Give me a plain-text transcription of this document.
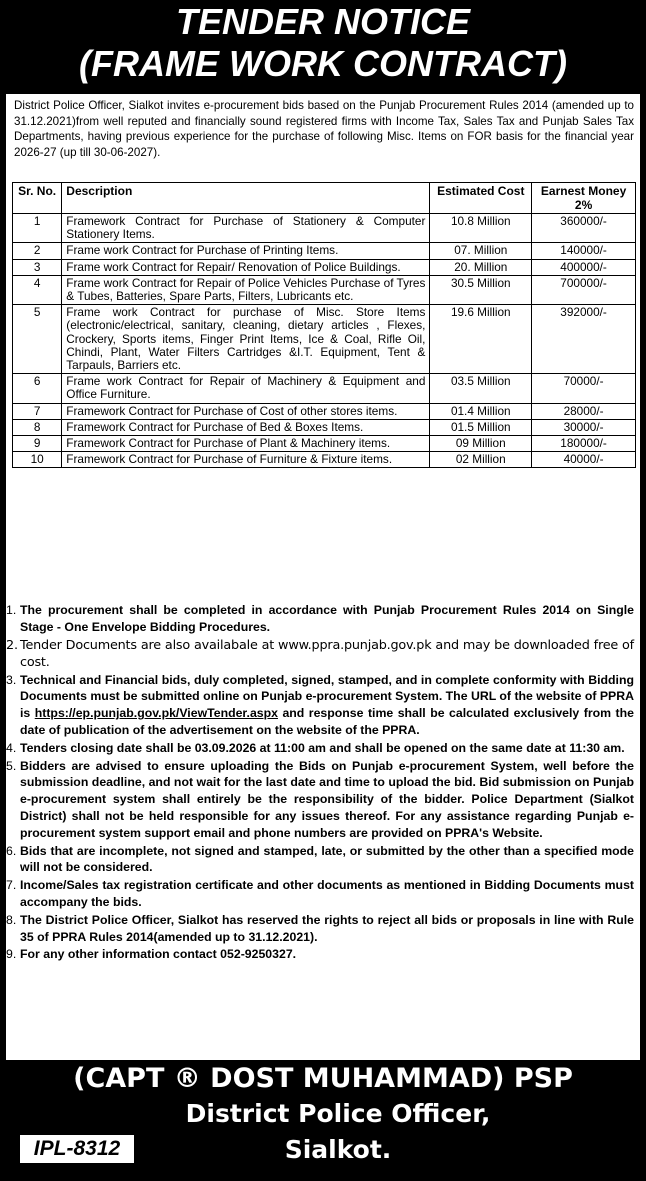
TENDER NOTICE
(FRAME WORK CONTRACT)
District Police Officer, Sialkot invites e-procurement bids based on the Punjab Procurement Rules 2014 (amended up to 31.12.2021)from well reputed and financially sound registered firms with Income Tax, Sales Tax and Punjab Sales Tax Departments, having previous experience for the purchase of following Misc. Items on FOR basis for the financial year 2026-27 (up till 30-06-2027).
Sr. No.	Description	Estimated Cost	Earnest Money 2%
1	Framework Contract for Purchase of Stationery & Computer Stationery Items.	10.8 Million	360000/-
2	Frame work Contract for Purchase of Printing Items.	07. Million	140000/-
3	Frame work Contract for Repair/ Renovation of Police Buildings.	20. Million	400000/-
4	Frame work Contract for Repair of Police Vehicles Purchase of Tyres & Tubes, Batteries, Spare Parts, Filters, Lubricants etc.	30.5 Million	700000/-
5	Frame work Contract for purchase of Misc. Store Items (electronic/electrical, sanitary, cleaning, dietary articles , Flexes, Crockery, Sports items, Finger Print Items, Ice & Coal, Rifle Oil, Chindi, Plant, Water Filters Cartridges &I.T. Equipment, Tent & Tarpauls, Barriers etc.	19.6 Million	392000/-
6	Frame work Contract for Repair of Machinery & Equipment and Office Furniture.	03.5 Million	70000/-
7	Framework Contract for Purchase of Cost of other stores items.	01.4 Million	28000/-
8	Framework Contract for Purchase of Bed & Boxes Items.	01.5 Million	30000/-
9	Framework Contract for Purchase of Plant & Machinery items.	09 Million	180000/-
10	Framework Contract for Purchase of Furniture & Fixture items.	02 Million	40000/-
1. The procurement shall be completed in accordance with Punjab Procurement Rules 2014 on Single Stage - One Envelope Bidding Procedures.
2. Tender Documents are also availabale at www.ppra.punjab.gov.pk and may be downloaded free of cost.
3. Technical and Financial bids, duly completed, signed, stamped, and in complete conformity with Bidding Documents must be submitted online on Punjab e-procurement System. The URL of the website of PPRA is https://ep.punjab.gov.pk/ViewTender.aspx and response time shall be calculated exclusively from the date of publication of the advertisement on the website of the PPRA.
4. Tenders closing date shall be 03.09.2026 at 11:00 am and shall be opened on the same date at 11:30 am.
5. Bidders are advised to ensure uploading the Bids on Punjab e-procurement System, well before the submission deadline, and not wait for the last date and time to upload the bid. Bid submission on Punjab e-procurement system shall entirely be the responsibility of the bidder. Police Department (Sialkot District) shall not be held responsible for any issues thereof. For any assistance regarding Punjab e-procurement system support email and phone numbers are provided on PPRA's Website.
6. Bids that are incomplete, not signed and stamped, late, or submitted by the other than a specified mode will not be considered.
7. Income/Sales tax registration certificate and other documents as mentioned in Bidding Documents must accompany the bids.
8. The District Police Officer, Sialkot has reserved the rights to reject all bids or proposals in line with Rule 35 of PPRA Rules 2014(amended up to 31.12.2021).
9. For any other information contact 052-9250327.
(CAPT ® DOST MUHAMMAD) PSP
District Police Officer,
Sialkot.
IPL-8312
